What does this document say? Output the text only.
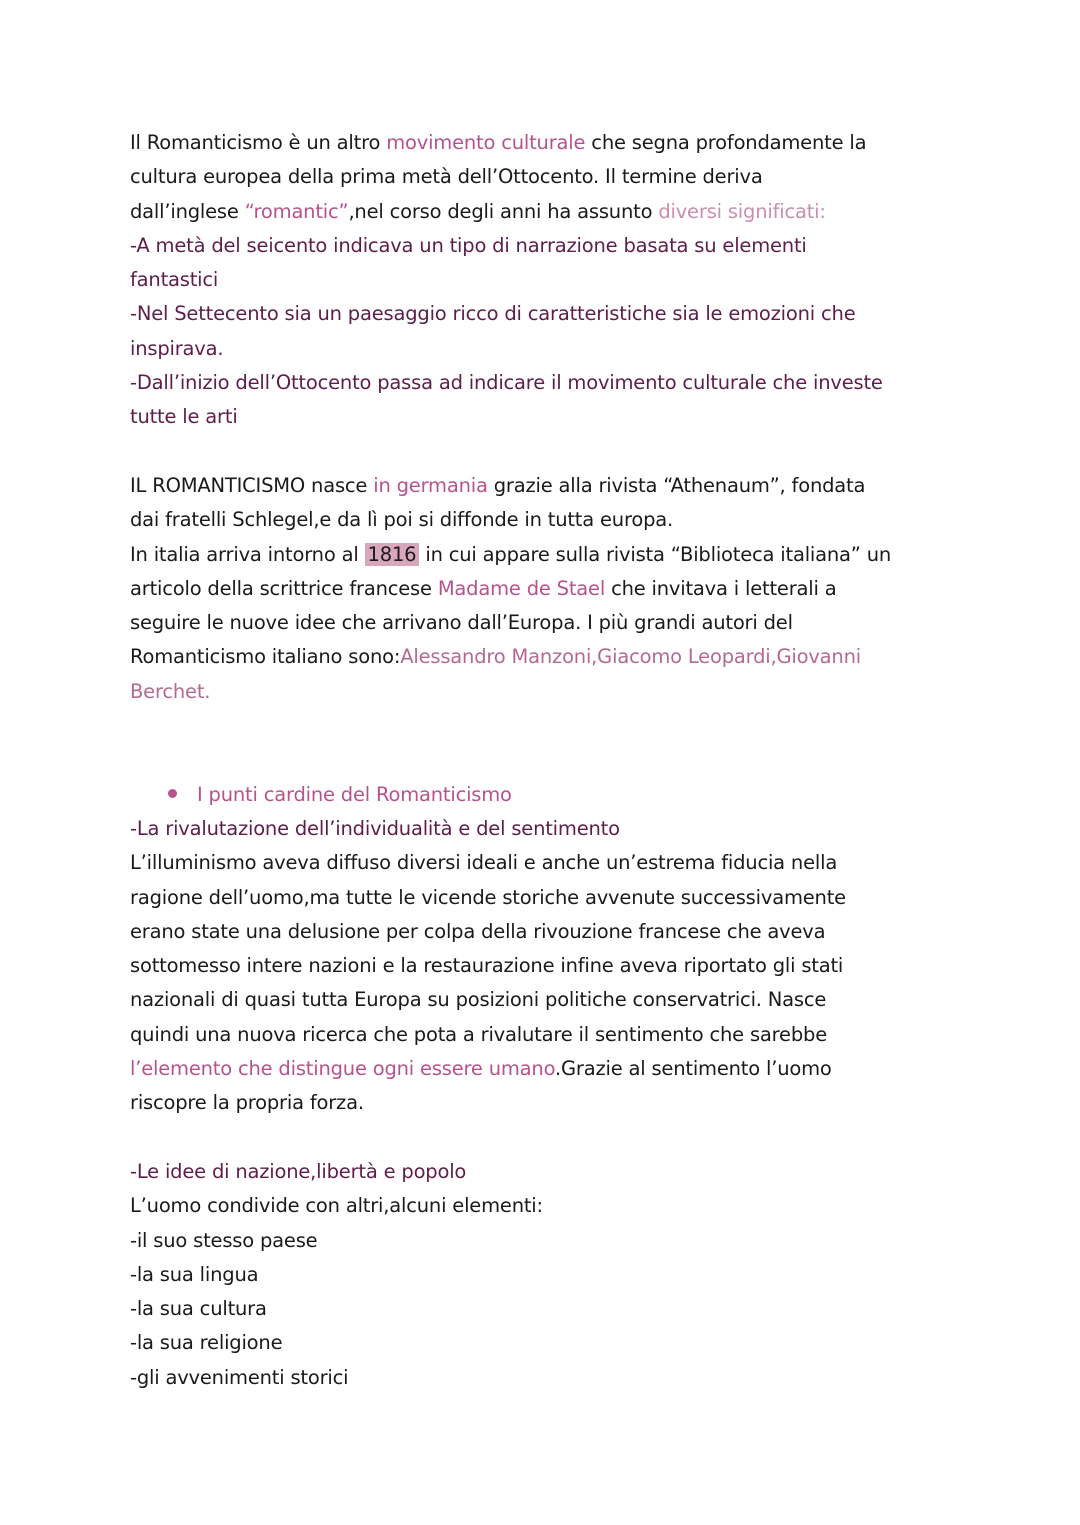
Il Romanticismo è un altro movimento culturale che segna profondamente la
cultura europea della prima metà dell’Ottocento. Il termine deriva
dall’inglese “romantic”,nel corso degli anni ha assunto diversi significati:
-A metà del seicento indicava un tipo di narrazione basata su elementi
fantastici
-Nel Settecento sia un paesaggio ricco di caratteristiche sia le emozioni che
inspirava.
-Dall’inizio dell’Ottocento passa ad indicare il movimento culturale che investe
tutte le arti
IL ROMANTICISMO nasce in germania grazie alla rivista “Athenaum”, fondata
dai fratelli Schlegel,e da lì poi si diffonde in tutta europa.
In italia arriva intorno al 1816 in cui appare sulla rivista “Biblioteca italiana” un
articolo della scrittrice francese Madame de Stael che invitava i letterali a
seguire le nuove idee che arrivano dall’Europa. I più grandi autori del
Romanticismo italiano sono:Alessandro Manzoni,Giacomo Leopardi,Giovanni
Berchet.
I punti cardine del Romanticismo
-La rivalutazione dell’individualità e del sentimento
L’illuminismo aveva diffuso diversi ideali e anche un’estrema fiducia nella
ragione dell’uomo,ma tutte le vicende storiche avvenute successivamente
erano state una delusione per colpa della rivouzione francese che aveva
sottomesso intere nazioni e la restaurazione infine aveva riportato gli stati
nazionali di quasi tutta Europa su posizioni politiche conservatrici. Nasce
quindi una nuova ricerca che pota a rivalutare il sentimento che sarebbe
l’elemento che distingue ogni essere umano.Grazie al sentimento l’uomo
riscopre la propria forza.
-Le idee di nazione,libertà e popolo
L’uomo condivide con altri,alcuni elementi:
-il suo stesso paese
-la sua lingua
-la sua cultura
-la sua religione
-gli avvenimenti storici
